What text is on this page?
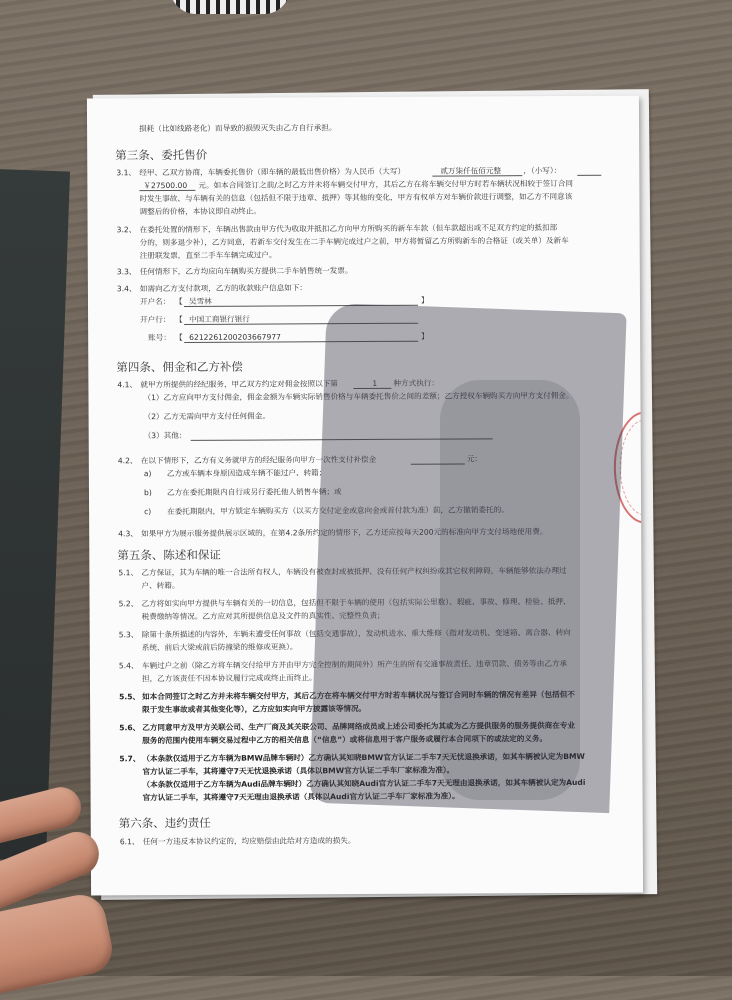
损耗（比如线路老化）而导致的损毁灭失由乙方自行承担。

第三条、委托售价

3.1、 经甲、乙双方协商，车辆委托售价（即车辆的最低出售价格）为人民币（大写）	贰万柒仟伍佰元整	，（小写）：

￥27500.00 元。如本合同签订之前/之时乙方并未将车辆交付甲方，其后乙方在将车辆交付甲方时若车辆状况相较于签订合同

时发生事故、与车辆有关的信息（包括但不限于违章、抵押）等其他的变化，甲方有权单方对车辆价款进行调整，如乙方不同意该

调整后的价格，本协议即自动终止。

3.2、 在委托处置的情形下，车辆出售款由甲方代为收取并抵扣乙方向甲方所购买的新车车款（但车款超出或不足双方约定的抵扣部

分的，则多退少补），乙方同意，若新车交付发生在二手车辆完成过户之前，甲方将暂留乙方所购新车的合格证（或关单）及新车

注册联发票，直至二手车车辆完成过户。

3.3、 任何情形下，乙方均应向车辆购买方提供二手车销售统一发票。

3.4、 如需向乙方支付款项，乙方的收款账户信息如下：

开户名： 【 吴雪林	】

开户行： 【 中国工商银行银行

账号： 【 6212261200203667977	】

第四条、佣金和乙方补偿

4.1、 就甲方所提供的经纪服务，甲乙双方约定对佣金按照以下第	1 种方式执行：

（1）乙方应向甲方支付佣金，佣金金额为车辆实际销售价格与车辆委托售价之间的差额；乙方授权车辆购买方向甲方支付佣金。

（2）乙方无需向甲方支付任何佣金。

（3）其他：

4.2、 在以下情形下，乙方有义务就甲方的经纪服务向甲方一次性支付补偿金	元：

a) 乙方或车辆本身原因造成车辆不能过户、转籍；

b) 乙方在委托期限内自行或另行委托他人销售车辆；或

c) 在委托期限内，甲方锁定车辆购买方（以买方交付定金或意向金或首付款为准）前，乙方撤销委托的。

4.3、 如果甲方为展示服务提供展示区域的，在第4.2条所约定的情形下，乙方还应按每天200元的标准向甲方支付场地使用费。

第五条、陈述和保证

5.1、 乙方保证，其为车辆的唯一合法所有权人，车辆没有被查封或被抵押、没有任何产权纠纷或其它权利障碍，车辆能够依法办理过

户、转籍。

5.2、 乙方将如实向甲方提供与车辆有关的一切信息，包括但不限于车辆的使用（包括实际公里数）、瑕疵、事故、修理、检验、抵押、

税费缴纳等情况。乙方应对其所提供信息及文件的真实性、完整性负责；

5.3、 除第十条所描述的内容外，车辆未遭受任何事故（包括交通事故），发动机进水、重大维修（指对发动机、变速箱、离合器、转向

系统、前后大梁或前后防撞梁的维修或更换）。

5.4、 车辆过户之前（除乙方将车辆交付给甲方并由甲方完全控制的期间外）所产生的所有交通事故责任、违章罚款、债务等由乙方承

担，乙方该责任不因本协议履行完成或终止而终止。

5.5、 如本合同签订之时乙方并未将车辆交付甲方，其后乙方在将车辆交付甲方时若车辆状况与签订合同时车辆的情况有差异（包括但不

限于发生事故或者其他变化等），乙方应如实向甲方披露该等情况。

5.6、 乙方同意甲方及甲方关联公司、生产厂商及其关联公司、品牌网络成员或上述公司委托为其或为乙方提供服务的服务提供商在专业

服务的范围内使用车辆交易过程中乙方的相关信息（“信息”）或将信息用于客户服务或履行本合同项下的或法定的义务。

5.7、 （本条款仅适用于乙方车辆为BMW品牌车辆时）乙方确认其知晓BMW官方认证二手车7天无忧退换承诺，如其车辆被认定为BMW

官方认证二手车，其将遵守7天无忧退换承诺（具体以BMW官方认证二手车厂家标准为准）。

（本条款仅适用于乙方车辆为Audi品牌车辆时）乙方确认其知晓Audi官方认证二手车7天无理由退换承诺，如其车辆被认定为Audi

官方认证二手车，其将遵守7天无理由退换承诺（具体以Audi官方认证二手车厂家标准为准）。

第六条、违约责任

6.1、 任何一方违反本协议约定的，均应赔偿由此给对方造成的损失。
